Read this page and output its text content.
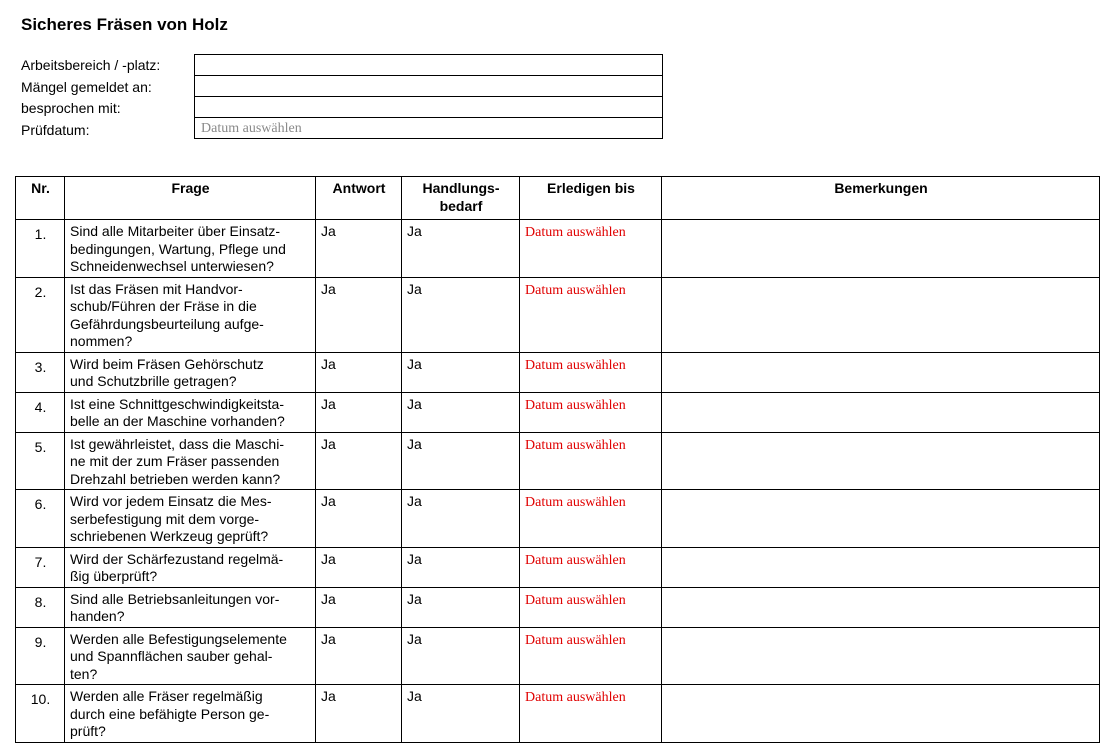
Sicheres Fräsen von Holz
Arbeitsbereich / -platz:
Mängel gemeldet an:
besprochen mit:
Prüfdatum:	Datum auswählen
Nr.	Frage	Antwort	Handlungs-
bedarf	Erledigen bis	Bemerkungen
1.	Sind alle Mitarbeiter über Einsatz-
bedingungen, Wartung, Pflege und
Schneidenwechsel unterwiesen?	Ja	Ja	Datum auswählen	
2.	Ist das Fräsen mit Handvor-
schub/Führen der Fräse in die
Gefährdungsbeurteilung aufge-
nommen?	Ja	Ja	Datum auswählen	
3.	Wird beim Fräsen Gehörschutz
und Schutzbrille getragen?	Ja	Ja	Datum auswählen	
4.	Ist eine Schnittgeschwindigkeitsta-
belle an der Maschine vorhanden?	Ja	Ja	Datum auswählen	
5.	Ist gewährleistet, dass die Maschi-
ne mit der zum Fräser passenden
Drehzahl betrieben werden kann?	Ja	Ja	Datum auswählen	
6.	Wird vor jedem Einsatz die Mes-
serbefestigung mit dem vorge-
schriebenen Werkzeug geprüft?	Ja	Ja	Datum auswählen	
7.	Wird der Schärfezustand regelmä-
ßig überprüft?	Ja	Ja	Datum auswählen	
8.	Sind alle Betriebsanleitungen vor-
handen?	Ja	Ja	Datum auswählen	
9.	Werden alle Befestigungselemente
und Spannflächen sauber gehal-
ten?	Ja	Ja	Datum auswählen	
10.	Werden alle Fräser regelmäßig
durch eine befähigte Person ge-
prüft?	Ja	Ja	Datum auswählen	
